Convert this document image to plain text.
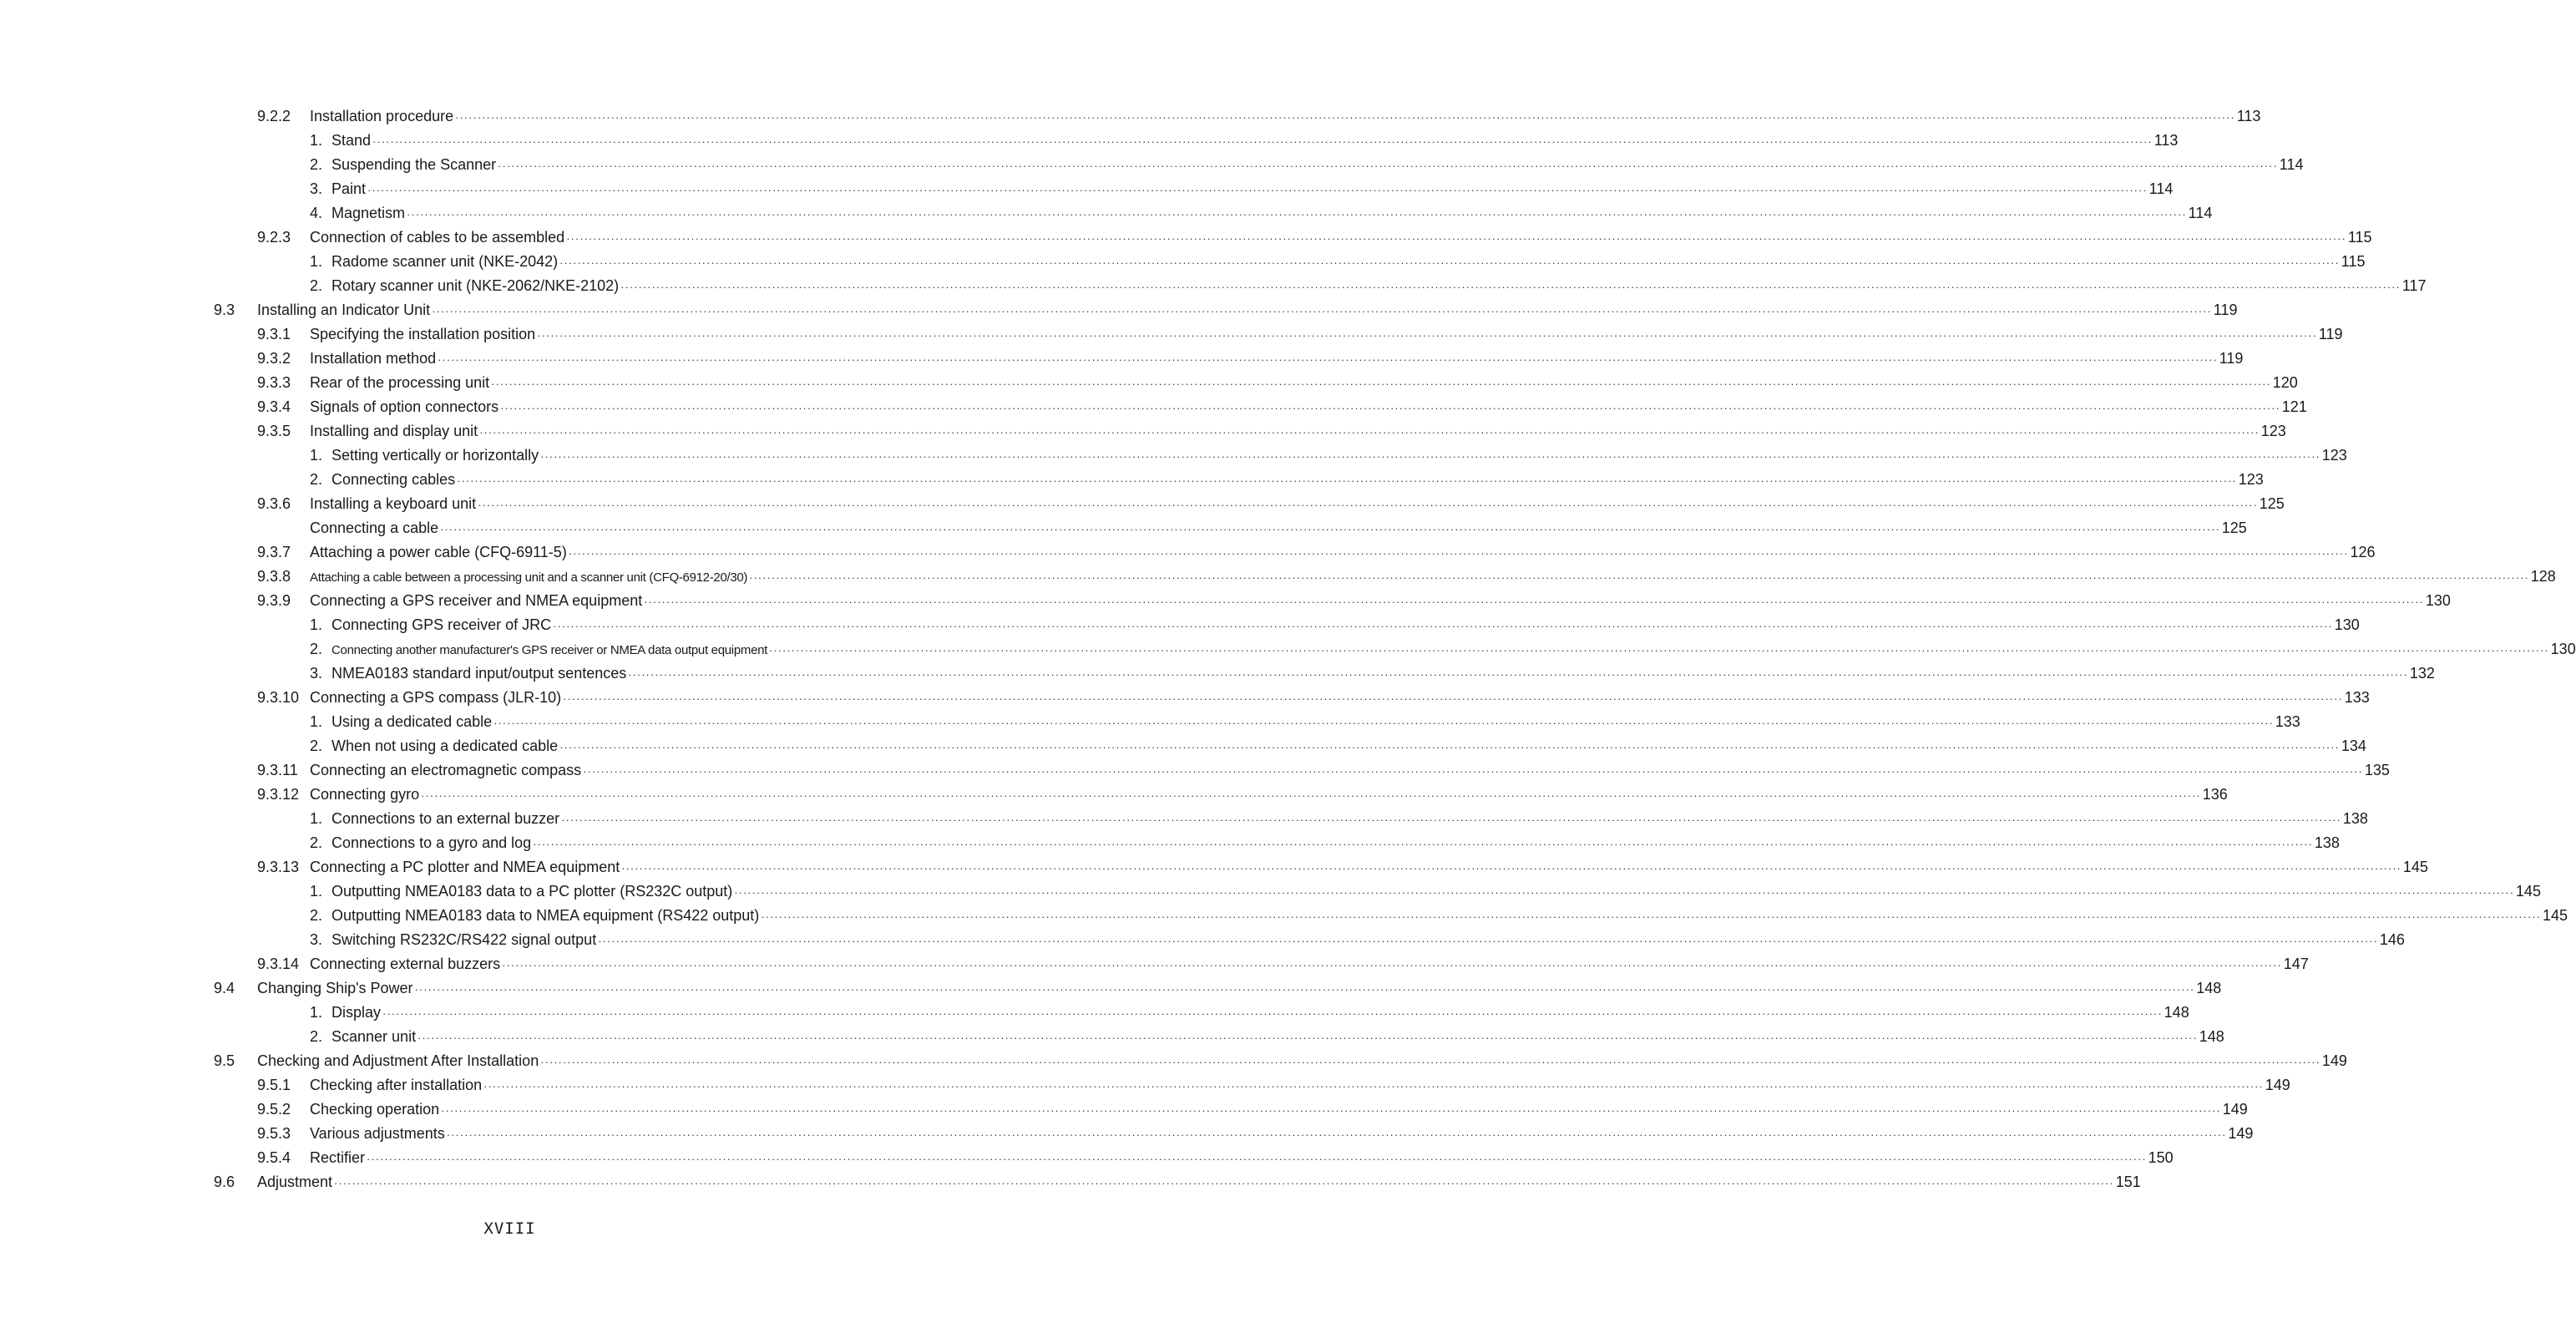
9.2.2 Installation procedure ················································································································································································································································································································································································································ 113
1. Stand ················································································································································································································································································································································································································ 113
2. Suspending the Scanner ················································································································································································································································································································································································································ 114
3. Paint ················································································································································································································································································································································································································ 114
4. Magnetism ················································································································································································································································································································································································································ 114
9.2.3 Connection of cables to be assembled ················································································································································································································································································································································································································ 115
1. Radome scanner unit (NKE-2042) ················································································································································································································································································································································································································ 115
2. Rotary scanner unit (NKE-2062/NKE-2102) ················································································································································································································································································································································································································ 117
9.3 Installing an Indicator Unit ················································································································································································································································································································································································································ 119
9.3.1 Specifying the installation position ················································································································································································································································································································································································································ 119
9.3.2 Installation method ················································································································································································································································································································································································································ 119
9.3.3 Rear of the processing unit ················································································································································································································································································································································································································ 120
9.3.4 Signals of option connectors ················································································································································································································································································································································································································ 121
9.3.5 Installing and display unit ················································································································································································································································································································································································································ 123
1. Setting vertically or horizontally ················································································································································································································································································································································································································ 123
2. Connecting cables ················································································································································································································································································································································································································ 123
9.3.6 Installing a keyboard unit ················································································································································································································································································································································································································ 125
Connecting a cable ················································································································································································································································································································································································································ 125
9.3.7 Attaching a power cable (CFQ-6911-5) ················································································································································································································································································································································································································ 126
9.3.8 Attaching a cable between a processing unit and a scanner unit (CFQ-6912-20/30) ················································································································································································································································································································································································································ 128
9.3.9 Connecting a GPS receiver and NMEA equipment ················································································································································································································································································································································································································ 130
1. Connecting GPS receiver of JRC ················································································································································································································································································································································································································ 130
2. Connecting another manufacturer's GPS receiver or NMEA data output equipment ················································································································································································································································································································································································································ 130
3. NMEA0183 standard input/output sentences ················································································································································································································································································································································································································ 132
9.3.10 Connecting a GPS compass (JLR-10) ················································································································································································································································································································································································································ 133
1. Using a dedicated cable ················································································································································································································································································································································································································ 133
2. When not using a dedicated cable ················································································································································································································································································································································································································ 134
9.3.11 Connecting an electromagnetic compass ················································································································································································································································································································································································································ 135
9.3.12 Connecting gyro ················································································································································································································································································································································································································ 136
1. Connections to an external buzzer ················································································································································································································································································································································································································ 138
2. Connections to a gyro and log ················································································································································································································································································································································································································ 138
9.3.13 Connecting a PC plotter and NMEA equipment ················································································································································································································································································································································································································ 145
1. Outputting NMEA0183 data to a PC plotter (RS232C output) ················································································································································································································································································································································································································ 145
2. Outputting NMEA0183 data to NMEA equipment (RS422 output) ················································································································································································································································································································································································································ 145
3. Switching RS232C/RS422 signal output ················································································································································································································································································································································································································ 146
9.3.14 Connecting external buzzers ················································································································································································································································································································································································································ 147
9.4 Changing Ship's Power ················································································································································································································································································································································································································ 148
1. Display ················································································································································································································································································································································································································ 148
2. Scanner unit ················································································································································································································································································································································································································ 148
9.5 Checking and Adjustment After Installation ················································································································································································································································································································································································································ 149
9.5.1 Checking after installation ················································································································································································································································································································································································································ 149
9.5.2 Checking operation ················································································································································································································································································································································································································ 149
9.5.3 Various adjustments ················································································································································································································································································································································································································ 149
9.5.4 Rectifier ················································································································································································································································································································································································································ 150
9.6 Adjustment ················································································································································································································································································································································································································ 151
XVIII
